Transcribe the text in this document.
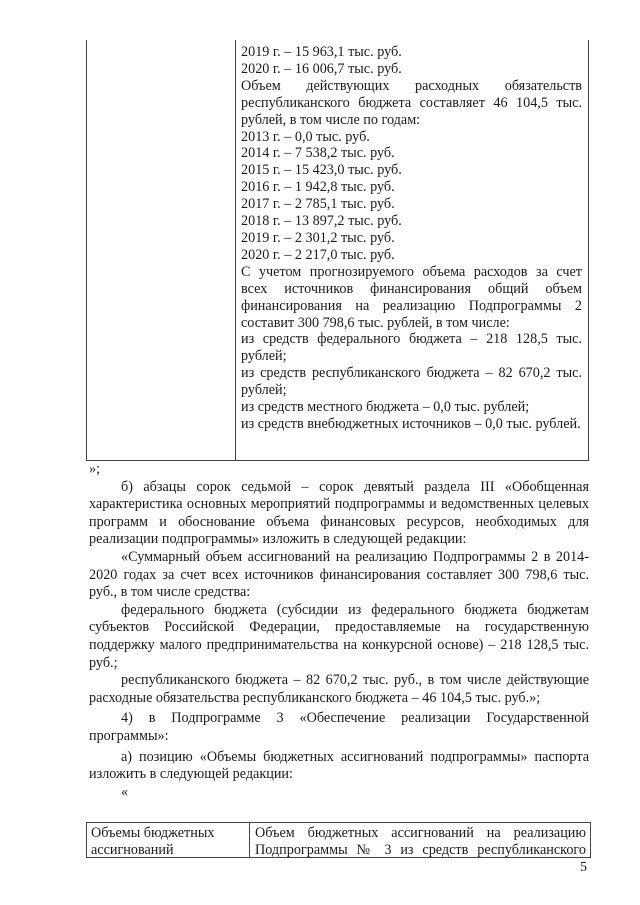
2019 г. – 15 963,1 тыс. руб.
2020 г. – 16 006,7 тыс. руб.
Объем действующих расходных обязательств республиканского бюджета составляет 46 104,5 тыс. рублей, в том числе по годам:
2013 г. – 0,0 тыс. руб.
2014 г. – 7 538,2 тыс. руб.
2015 г. – 15 423,0 тыс. руб.
2016 г. – 1 942,8 тыс. руб.
2017 г. – 2 785,1 тыс. руб.
2018 г. – 13 897,2 тыс. руб.
2019 г. – 2 301,2 тыс. руб.
2020 г. – 2 217,0 тыс. руб.
С учетом прогнозируемого объема расходов за счет всех источников финансирования общий объем финансирования на реализацию Подпрограммы 2 составит 300 798,6 тыс. рублей, в том числе:
из средств федерального бюджета – 218 128,5 тыс. рублей;
из средств республиканского бюджета – 82 670,2 тыс. рублей;
из средств местного бюджета – 0,0 тыс. рублей;
из средств внебюджетных источников – 0,0 тыс. рублей.

»;

б) абзацы сорок седьмой – сорок девятый раздела III «Обобщенная характеристика основных мероприятий подпрограммы и ведомственных целевых программ и обоснование объема финансовых ресурсов, необходимых для реализации подпрограммы» изложить в следующей редакции:

«Суммарный объем ассигнований на реализацию Подпрограммы 2 в 2014-2020 годах за счет всех источников финансирования составляет 300 798,6 тыс. руб., в том числе средства:

федерального бюджета (субсидии из федерального бюджета бюджетам субъектов Российской Федерации, предоставляемые на государственную поддержку малого предпринимательства на конкурсной основе) – 218 128,5 тыс. руб.;

республиканского бюджета – 82 670,2 тыс. руб., в том числе действующие расходные обязательства республиканского бюджета – 46 104,5 тыс. руб.»;

4) в Подпрограмме 3 «Обеспечение реализации Государственной программы»:

а) позицию «Объемы бюджетных ассигнований подпрограммы» паспорта изложить в следующей редакции:

«

Объемы бюджетных ассигнований
Объем бюджетных ассигнований на реализацию Подпрограммы № 3 из средств республиканского
5
